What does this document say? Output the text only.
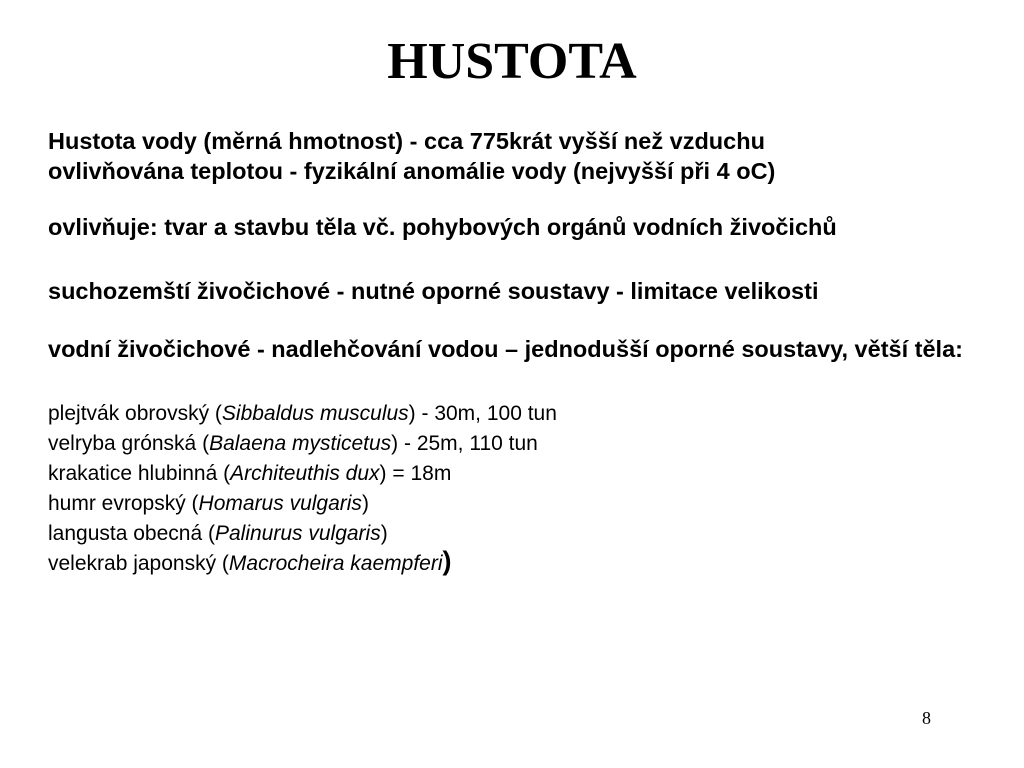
HUSTOTA

Hustota vody (měrná hmotnost) - cca 775krát vyšší než vzduchu

ovlivňována teplotou - fyzikální anomálie vody (nejvyšší při 4 oC)

ovlivňuje: tvar a stavbu těla vč. pohybových orgánů vodních živočichů

suchozemští živočichové - nutné oporné soustavy - limitace velikosti

vodní živočichové - nadlehčování vodou – jednodušší oporné soustavy, větší těla:

plejtvák obrovský (Sibbaldus musculus) - 30m, 100 tun
velryba grónská (Balaena mysticetus) - 25m, 110 tun
krakatice hlubinná (Architeuthis dux) = 18m
humr evropský (Homarus vulgaris)
langusta obecná (Palinurus vulgaris)
velekrab japonský (Macrocheira kaempferi)
8
